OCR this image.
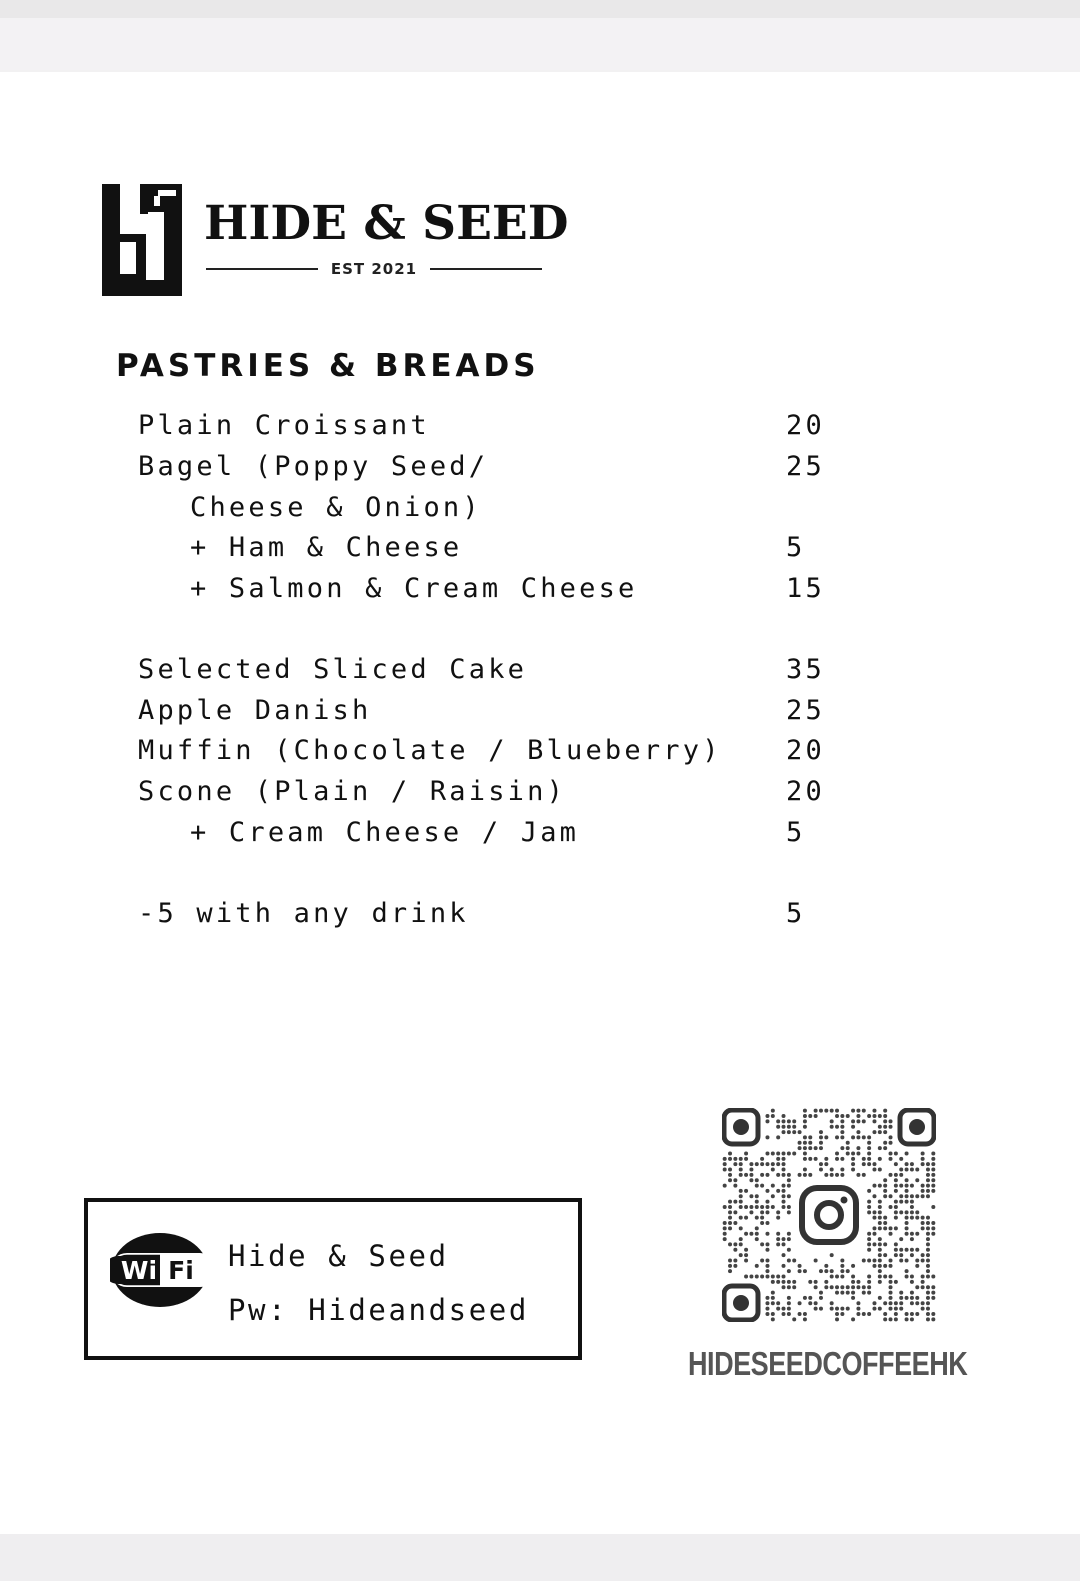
HIDE & SEED
EST 2021
PASTRIES & BREADS
Plain Croissant	20
Bagel (Poppy Seed/	25
Cheese & Onion)
+ Ham & Cheese	5
+ Salmon & Cream Cheese	15
Selected Sliced Cake	35
Apple Danish	25
Muffin (Chocolate / Blueberry) 20
Scone (Plain / Raisin)	20
+ Cream Cheese / Jam	5
-5 with any drink	5
Wi Fi Hide & Seed
Pw: Hideandseed
HIDESEEDCOFFEEHK
